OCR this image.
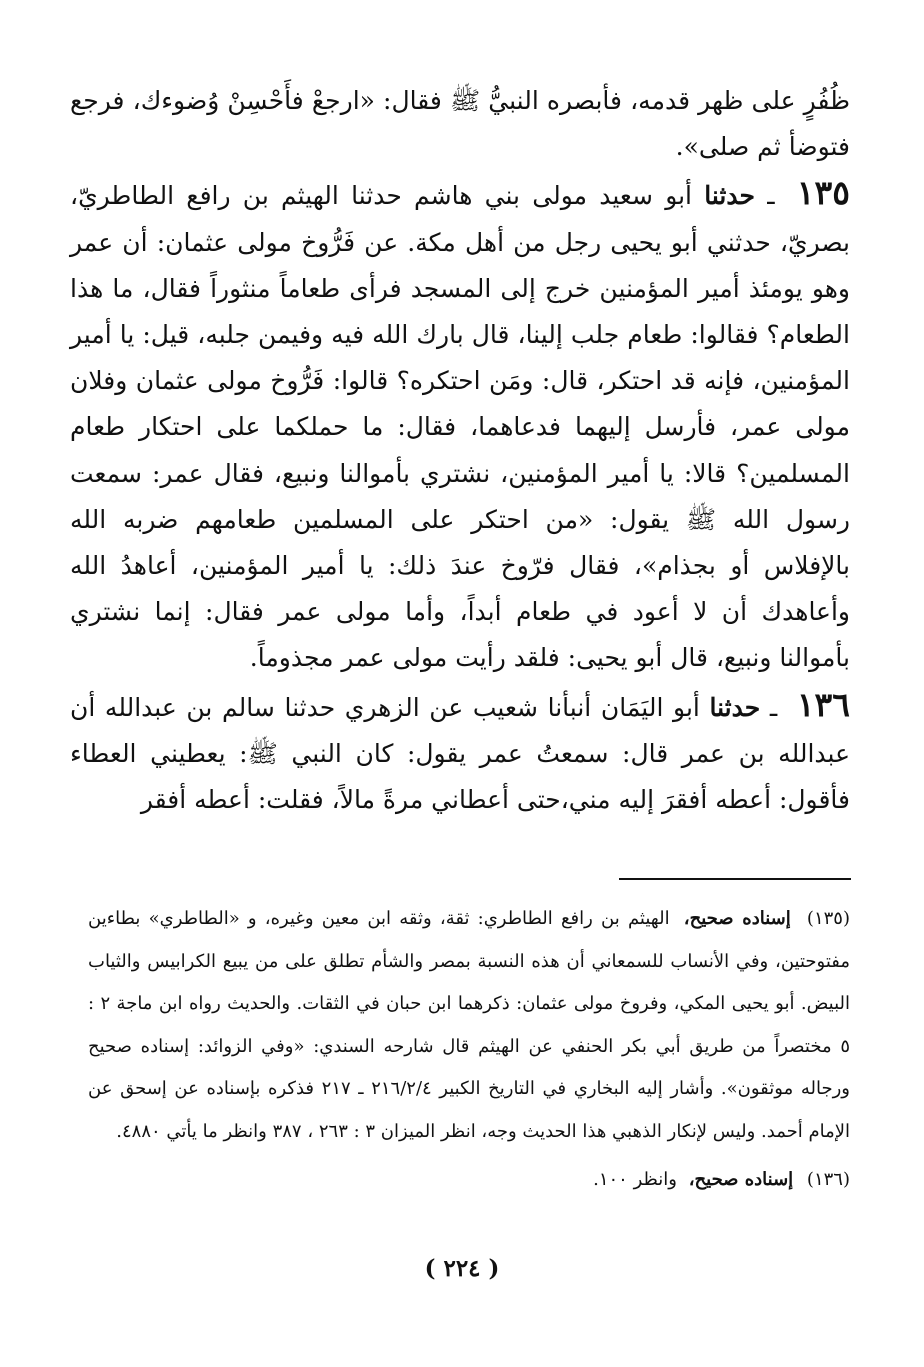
ظُفُرٍ على ظهر قدمه، فأبصره النبيُّ ﷺ فقال: «ارجعْ فأَحْسِنْ وُضوءك، فرجع فتوضأ ثم صلى».

١٣٥ ـ حدثنا أبو سعيد مولى بني هاشم حدثنا الهيثم بن رافع الطاطريّ، بصريّ، حدثني أبو يحيى رجل من أهل مكة. عن فَرُّوخ مولى عثمان: أن عمر وهو يومئذ أمير المؤمنين خرج إلى المسجد فرأى طعاماً منثوراً فقال، ما هذا الطعام؟ فقالوا: طعام جلب إلينا، قال بارك الله فيه وفيمن جلبه، قيل: يا أمير المؤمنين، فإنه قد احتكر، قال: ومَن احتكره؟ قالوا: فَرُّوخ مولى عثمان وفلان مولى عمر، فأرسل إليهما فدعاهما، فقال: ما حملكما على احتكار طعام المسلمين؟ قالا: يا أمير المؤمنين، نشتري بأموالنا ونبيع، فقال عمر: سمعت رسول الله ﷺ يقول: «من احتكر على المسلمين طعامهم ضربه الله بالإفلاس أو بجذام»، فقال فرّوخ عندَ ذلك: يا أمير المؤمنين، أعاهدُ الله وأعاهدك أن لا أعود في طعام أبداً، وأما مولى عمر فقال: إنما نشتري بأموالنا ونبيع، قال أبو يحيى: فلقد رأيت مولى عمر مجذوماً.

١٣٦ ـ حدثنا أبو اليَمَان أنبأنا شعيب عن الزهري حدثنا سالم بن عبدالله أن عبدالله بن عمر قال: سمعتُ عمر يقول: كان النبي ﷺ: يعطيني العطاء فأقول: أعطه أفقرَ إليه مني،حتى أعطاني مرةً مالاً، فقلت: أعطه أفقر

(١٣٥) إسناده صحيح، الهيثم بن رافع الطاطري: ثقة، وثقه ابن معين وغيره، و «الطاطري» بطاءين مفتوحتين، وفي الأنساب للسمعاني أن هذه النسبة بمصر والشأم تطلق على من يبيع الكرابيس والثياب البيض. أبو يحيى المكي، وفروخ مولى عثمان: ذكرهما ابن حبان في الثقات. والحديث رواه ابن ماجة ٢ : ٥ مختصراً من طريق أبي بكر الحنفي عن الهيثم قال شارحه السندي: «وفي الزوائد: إسناده صحيح ورجاله موثقون». وأشار إليه البخاري في التاريخ الكبير ٢١٦/٢/٤ ـ ٢١٧ فذكره بإسناده عن إسحق عن الإمام أحمد. وليس لإنكار الذهبي هذا الحديث وجه، انظر الميزان ٣ : ٢٦٣ ، ٣٨٧ وانظر ما يأتي ٤٨٨٠.

(١٣٦) إسناده صحيح، وانظر ١٠٠.

( ٢٢٤ )
